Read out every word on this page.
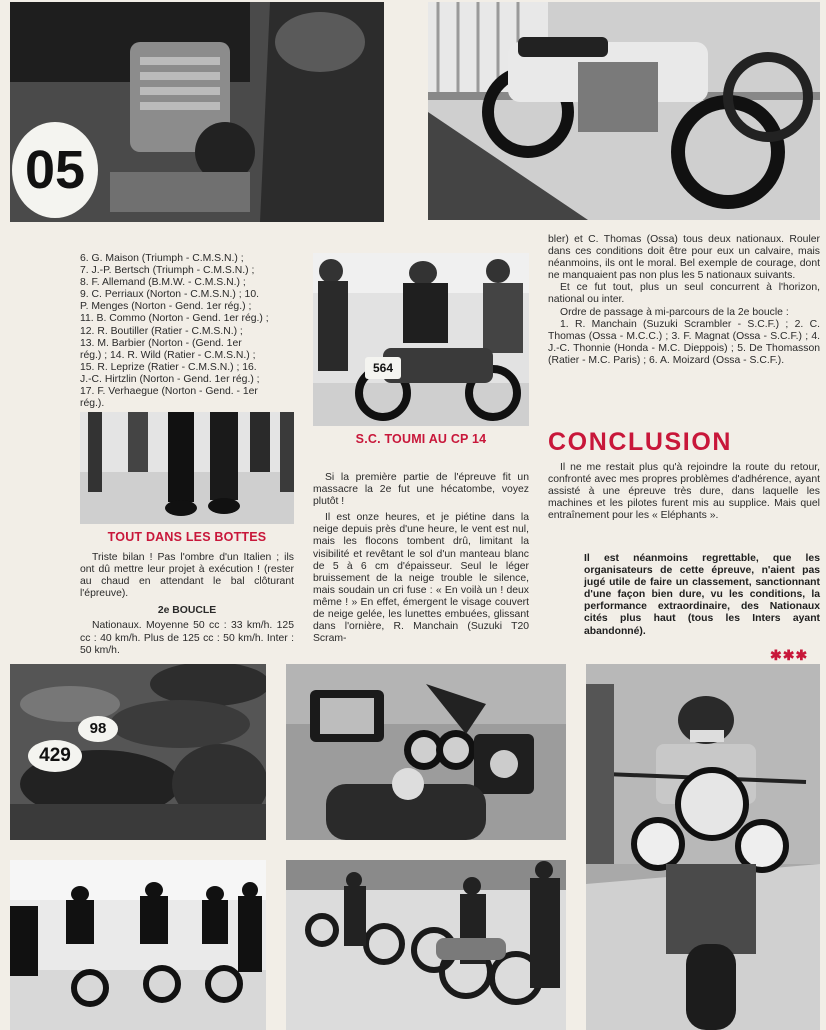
05
564
429
98
6. G. Maison (Triumph - C.M.S.N.) ;
7. J.-P. Bertsch (Triumph - C.M.S.N.) ;
8. F. Allemand (B.M.W. - C.M.S.N.) ;
9. C. Perriaux (Norton - C.M.S.N.) ; 10.
P. Menges (Norton - Gend. 1er rég.) ;
11. B. Commo (Norton - Gend. 1er rég.) ;
12. R. Boutiller (Ratier - C.M.S.N.) ;
13. M. Barbier (Norton - (Gend. 1er
rég.) ; 14. R. Wild (Ratier - C.M.S.N.) ;
15. R. Leprize (Ratier - C.M.S.N.) ; 16.
J.-C. Hirtzlin (Norton - Gend. 1er rég.) ;
17. F. Verhaegue (Norton - Gend. - 1er
rég.).
TOUT DANS LES BOTTES

Triste bilan ! Pas l'ombre d'un Italien ; ils ont dû mettre leur projet à exécution ! (rester au chaud en attendant le bal clôturant l'épreuve).

2e BOUCLE

Nationaux. Moyenne 50 cc : 33 km/h. 125 cc : 40 km/h. Plus de 125 cc : 50 km/h. Inter : 50 km/h.

S.C. TOUMI AU CP 14

Si la première partie de l'épreuve fit un massacre la 2e fut une hécatombe, voyez plutôt !

Il est onze heures, et je piétine dans la neige depuis près d'une heure, le vent est nul, mais les flocons tombent drû, limitant la visibilité et revêtant le sol d'un manteau blanc de 5 à 6 cm d'épaisseur. Seul le léger bruissement de la neige trouble le silence, mais soudain un cri fuse : « En voilà un ! deux même ! » En effet, émergent le visage couvert de neige gelée, les lunettes embuées, glissant dans l'ornière, R. Manchain (Suzuki T20 Scram-

bler) et C. Thomas (Ossa) tous deux nationaux. Rouler dans ces conditions doit être pour eux un calvaire, mais néanmoins, ils ont le moral. Bel exemple de courage, dont ne manquaient pas non plus les 5 nationaux suivants.

Et ce fut tout, plus un seul concurrent à l'horizon, national ou inter.

Ordre de passage à mi-parcours de la 2e boucle :

1. R. Manchain (Suzuki Scrambler - S.C.F.) ; 2. C. Thomas (Ossa - M.C.C.) ; 3. F. Magnat (Ossa - S.C.F.) ; 4. J.-C. Thonnie (Honda - M.C. Dieppois) ; 5. De Thomasson (Ratier - M.C. Paris) ; 6. A. Moizard (Ossa - S.C.F.).

CONCLUSION

Il ne me restait plus qu'à rejoindre la route du retour, confronté avec mes propres problèmes d'adhérence, ayant assisté à une épreuve très dure, dans laquelle les machines et les pilotes furent mis au supplice. Mais quel entraînement pour les « Eléphants ».

Il est néanmoins regrettable, que les organisateurs de cette épreuve, n'aient pas jugé utile de faire un classement, sanctionnant d'une façon bien dure, vu les conditions, la performance extraordinaire, des Nationaux cités plus haut (tous les Inters ayant abandonné).
✱✱✱
